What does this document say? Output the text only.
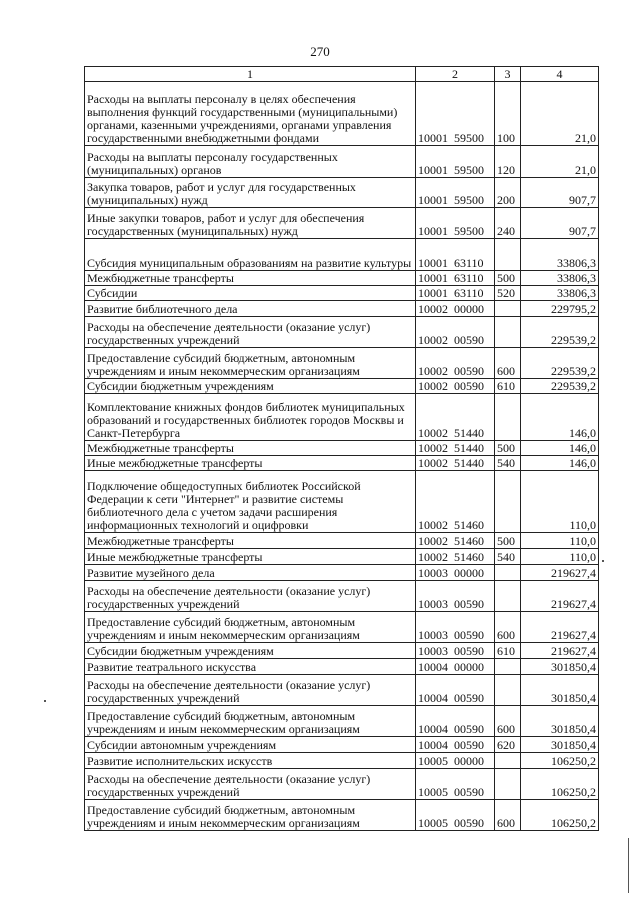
270
1	2	3	4
Расходы на выплаты персоналу в целях обеспечения выполнения функций государственными (муниципальными) органами, казенными учреждениями, органами управления государственными внебюджетными фондами	10001  59500	100	21,0
Расходы на выплаты персоналу государственных (муниципальных) органов	10001  59500	120	21,0
Закупка товаров, работ и услуг для государственных (муниципальных) нужд	10001  59500	200	907,7
Иные закупки товаров, работ и услуг для обеспечения государственных (муниципальных) нужд	10001  59500	240	907,7
Субсидия муниципальным образованиям на развитие культуры	10001  63110		33806,3
Межбюджетные трансферты	10001  63110	500	33806,3
Субсидии	10001  63110	520	33806,3
Развитие библиотечного дела	10002  00000		229795,2
Расходы на обеспечение деятельности (оказание услуг) государственных учреждений	10002  00590		229539,2
Предоставление субсидий бюджетным, автономным учреждениям и иным некоммерческим организациям	10002  00590	600	229539,2
Субсидии бюджетным учреждениям	10002  00590	610	229539,2
Комплектование книжных фондов библиотек муниципальных образований и государственных библиотек городов Москвы и Санкт-Петербурга	10002  51440		146,0
Межбюджетные трансферты	10002  51440	500	146,0
Иные межбюджетные трансферты	10002  51440	540	146,0
Подключение общедоступных библиотек Российской Федерации к сети "Интернет" и развитие системы библиотечного дела с учетом задачи расширения информационных технологий и оцифровки	10002  51460		110,0
Межбюджетные трансферты	10002  51460	500	110,0
Иные межбюджетные трансферты	10002  51460	540	110,0
Развитие музейного дела	10003  00000		219627,4
Расходы на обеспечение деятельности (оказание услуг) государственных учреждений	10003  00590		219627,4
Предоставление субсидий бюджетным, автономным учреждениям и иным некоммерческим организациям	10003  00590	600	219627,4
Субсидии бюджетным учреждениям	10003  00590	610	219627,4
Развитие театрального искусства	10004  00000		301850,4
Расходы на обеспечение деятельности (оказание услуг) государственных учреждений	10004  00590		301850,4
Предоставление субсидий бюджетным, автономным учреждениям и иным некоммерческим организациям	10004  00590	600	301850,4
Субсидии автономным учреждениям	10004  00590	620	301850,4
Развитие исполнительских искусств	10005  00000		106250,2
Расходы на обеспечение деятельности (оказание услуг) государственных учреждений	10005  00590		106250,2
Предоставление субсидий бюджетным, автономным учреждениям и иным некоммерческим организациям	10005  00590	600	106250,2
